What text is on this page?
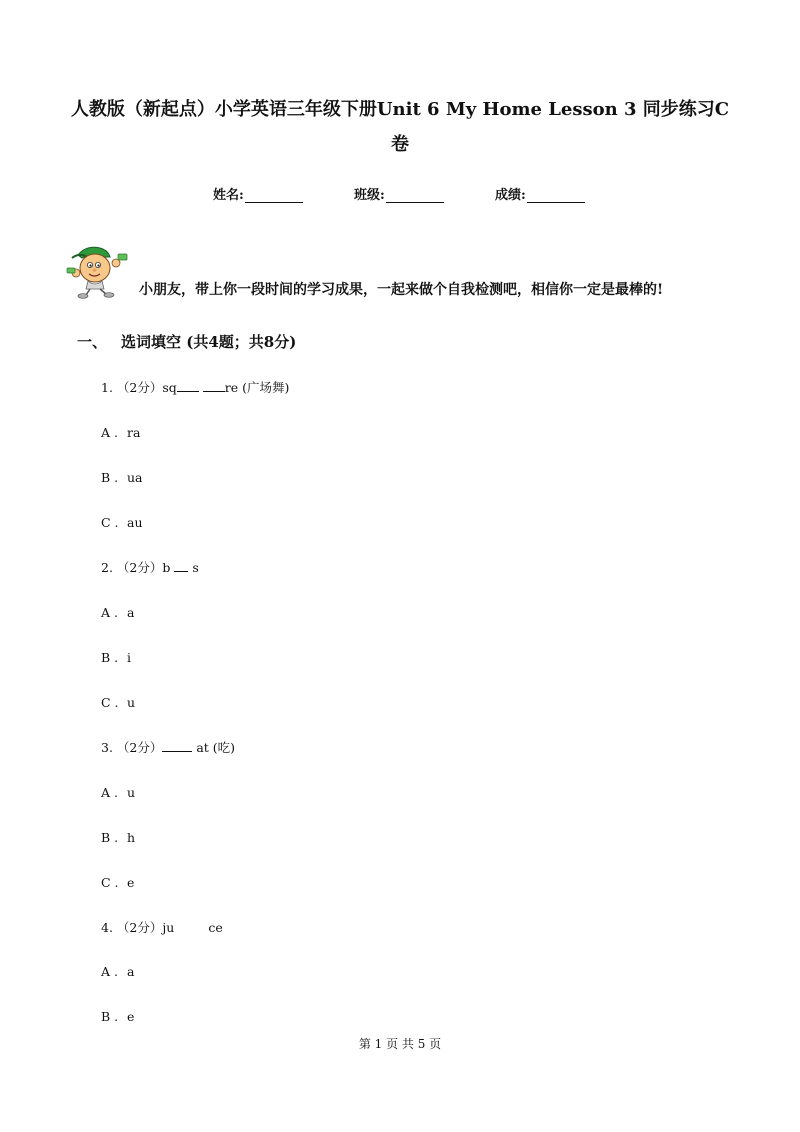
人教版（新起点）小学英语三年级下册Unit 6 My Home Lesson 3 同步练习C
卷
姓名:	班级:	成绩:
小朋友，带上你一段时间的学习成果，一起来做个自我检测吧，相信你一定是最棒的!
一、 选词填空 (共4题；共8分)
1. （2分）sq	re (广场舞)
A . ra
B . ua
C . au
2. （2分）b s
A . a
B . i
C . u
3. （2分）	at (吃)
A . u
B . h
C . e
4. （2分）ju	ce
A . a
B . e
第 1 页 共 5 页
